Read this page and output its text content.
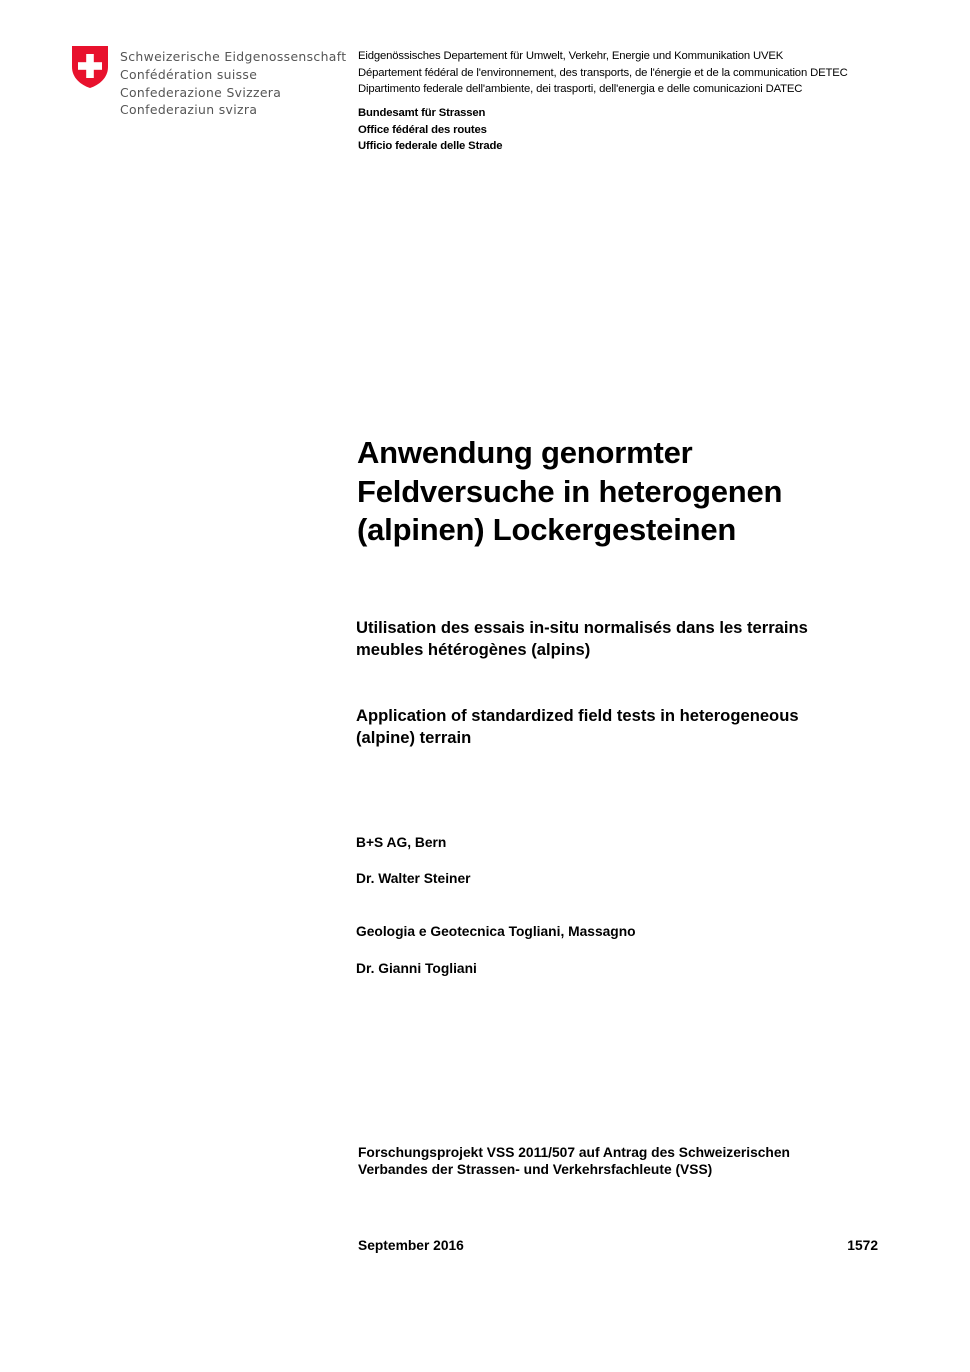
Schweizerische Eidgenossenschaft
Confédération suisse
Confederazione Svizzera
Confederaziun svizra
Eidgenössisches Departement für Umwelt, Verkehr, Energie und Kommunikation UVEK
Département fédéral de l'environnement, des transports, de l'énergie et de la communication DETEC
Dipartimento federale dell'ambiente, dei trasporti, dell'energia e delle comunicazioni DATEC
Bundesamt für Strassen
Office fédéral des routes
Ufficio federale delle Strade
Anwendung genormter
Feldversuche in heterogenen
(alpinen) Lockergesteinen
Utilisation des essais in-situ normalisés dans les terrains
meubles hétérogènes (alpins)
Application of standardized field tests in heterogeneous
(alpine) terrain
B+S AG, Bern
Dr. Walter Steiner
Geologia e Geotecnica Togliani, Massagno
Dr. Gianni Togliani
Forschungsprojekt VSS 2011/507 auf Antrag des Schweizerischen
Verbandes der Strassen- und Verkehrsfachleute (VSS)
September 2016	1572
